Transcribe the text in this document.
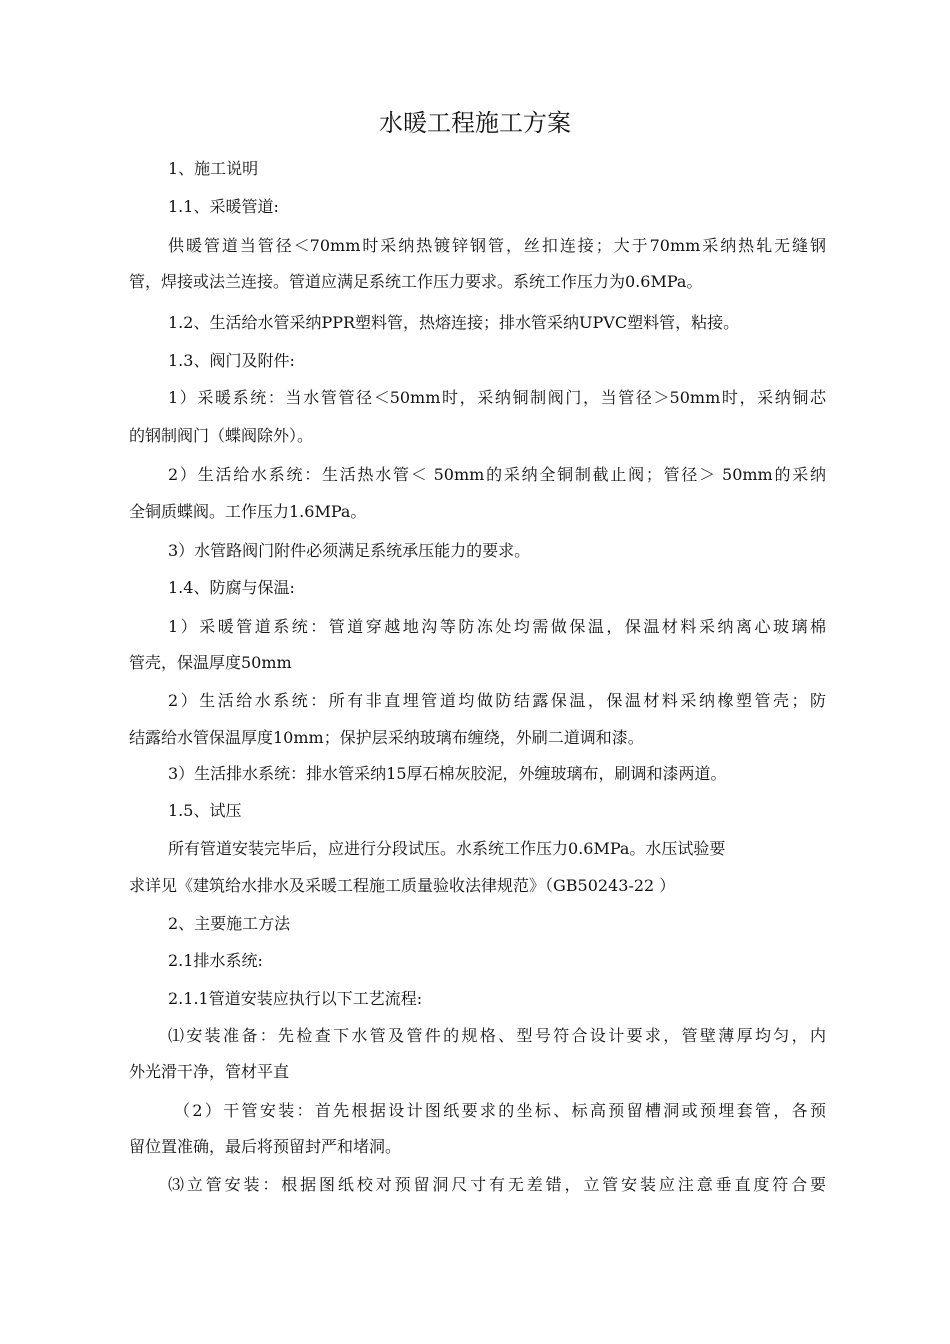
水暖工程施工方案
1、施工说明
1.1、采暖管道:
供暖管道当管径＜70mm时采纳热镀锌钢管，丝扣连接；大于70mm采纳热轧无缝钢
管，焊接或法兰连接。管道应满足系统工作压力要求。系统工作压力为0.6MPa。
1.2、生活给水管采纳PPR塑料管，热熔连接；排水管采纳UPVC塑料管，粘接。
1.3、阀门及附件:
1）采暖系统：当水管管径＜50mm时，采纳铜制阀门，当管径＞50mm时，采纳铜芯
的钢制阀门（蝶阀除外）。
2）生活给水系统：生活热水管＜ 50mm的采纳全铜制截止阀；管径＞ 50mm的采纳
全铜质蝶阀。工作压力1.6MPa。
3）水管路阀门附件必须满足系统承压能力的要求。
1.4、防腐与保温:
1）采暖管道系统：管道穿越地沟等防冻处均需做保温，保温材料采纳离心玻璃棉
管壳，保温厚度50mm
2）生活给水系统：所有非直埋管道均做防结露保温，保温材料采纳橡塑管壳；防
结露给水管保温厚度10mm；保护层采纳玻璃布缠绕，外刷二道调和漆。
3）生活排水系统：排水管采纳15厚石棉灰胶泥，外缠玻璃布，刷调和漆两道。
1.5、试压
所有管道安装完毕后，应进行分段试压。水系统工作压力0.6MPa。水压试验要
求详见《建筑给水排水及采暖工程施工质量验收法律规范》（GB50243-22 ）
2、主要施工方法
2.1排水系统:
2.1.1管道安装应执行以下工艺流程:
⑴安装准备：先检查下水管及管件的规格、型号符合设计要求，管壁薄厚均匀，内
外光滑干净，管材平直
（2）干管安装：首先根据设计图纸要求的坐标、标高预留槽洞或预埋套管，各预
留位置准确，最后将预留封严和堵洞。
⑶立管安装：根据图纸校对预留洞尺寸有无差错，立管安装应注意垂直度符合要
